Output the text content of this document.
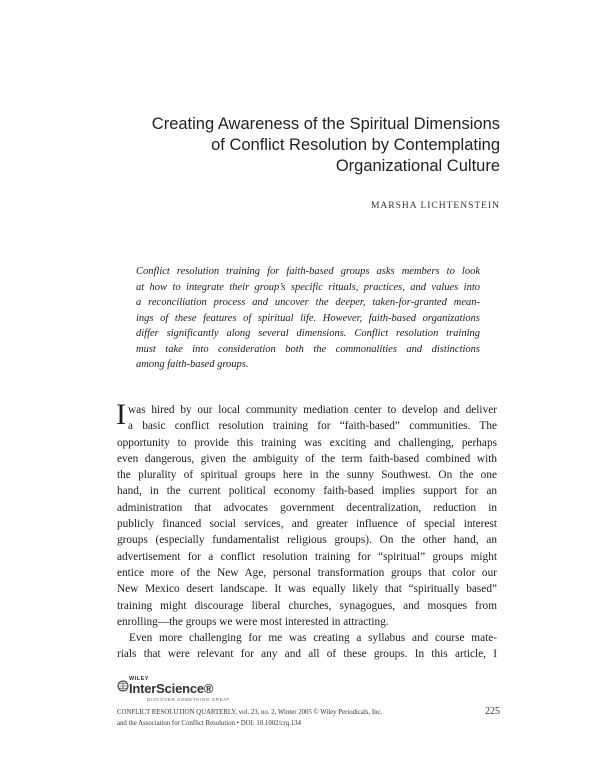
Creating Awareness of the Spiritual Dimensions
of Conflict Resolution by Contemplating
Organizational Culture
MARSHA LICHTENSTEIN
Conflict resolution training for faith-based groups asks members to look
at how to integrate their group’s specific rituals, practices, and values into
a reconciliation process and uncover the deeper, taken-for-granted mean-
ings of these features of spiritual life. However, faith-based organizations
differ significantly along several dimensions. Conflict resolution training
must take into consideration both the commonalities and distinctions
among faith-based groups.
I was hired by our local community mediation center to develop and deliver
a basic conflict resolution training for “faith-based” communities. The
opportunity to provide this training was exciting and challenging, perhaps
even dangerous, given the ambiguity of the term faith-based combined with
the plurality of spiritual groups here in the sunny Southwest. On the one
hand, in the current political economy faith-based implies support for an
administration that advocates government decentralization, reduction in
publicly financed social services, and greater influence of special interest
groups (especially fundamentalist religious groups). On the other hand, an
advertisement for a conflict resolution training for “spiritual” groups might
entice more of the New Age, personal transformation groups that color our
New Mexico desert landscape. It was equally likely that “spiritually based”
training might discourage liberal churches, synagogues, and mosques from
enrolling—the groups we were most interested in attracting.
Even more challenging for me was creating a syllabus and course mate-
rials that were relevant for any and all of these groups. In this article, I
WILEY
InterScience®
DISCOVER SOMETHING GREAT
CONFLICT RESOLUTION QUARTERLY, vol. 23, no. 2, Winter 2005 © Wiley Periodicals, Inc.
and the Association for Conflict Resolution • DOI: 10.1002/crq.134
225
